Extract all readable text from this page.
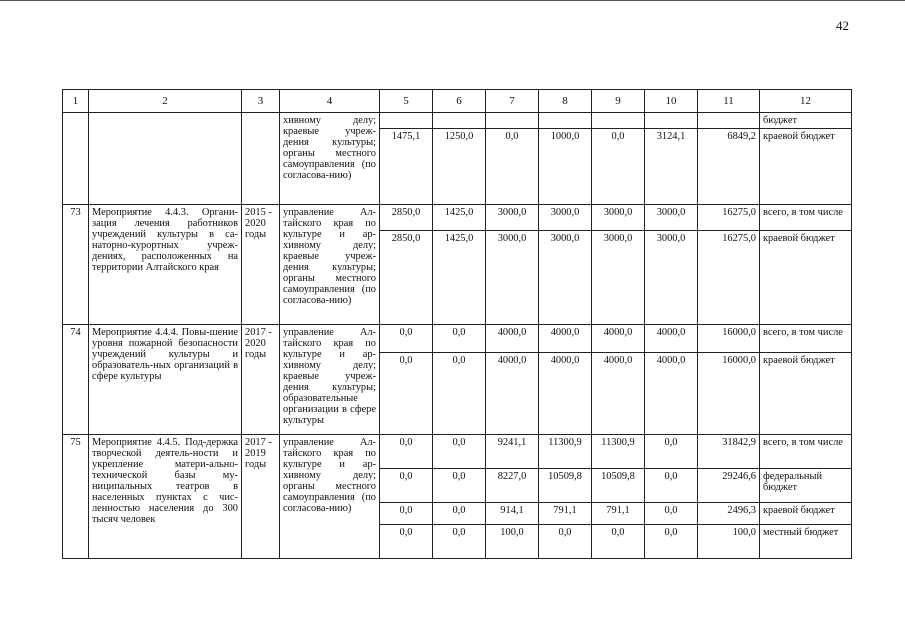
42
1	2	3	4	5	6	7	8	9	10	11	12
			хивному делу; краевые учреж-дения культуры; органы местного самоуправления (по согласова-нию)								бюджет
				1475,1	1250,0	0,0	1000,0	0,0	3124,1	6849,2	краевой бюджет
73	Мероприятие 4.4.3. Органи-зация лечения работников учреждений культуры в са-наторно-курортных учреж-дениях, расположенных на территории Алтайского края	2015 - 2020 годы	управление Ал-тайского края по культуре и ар-хивному делу; краевые учреж-дения культуры; органы местного самоуправления (по согласова-нию)	2850,0	1425,0	3000,0	3000,0	3000,0	3000,0	16275,0	всего, в том числе
				2850,0	1425,0	3000,0	3000,0	3000,0	3000,0	16275,0	краевой бюджет
74	Мероприятие 4.4.4. Повы-шение уровня пожарной безопасности учреждений культуры и образователь-ных организаций в сфере культуры	2017 - 2020 годы	управление Ал-тайского края по культуре и ар-хивному делу; краевые учреж-дения культуры; образовательные организации в сфере культуры	0,0	0,0	4000,0	4000,0	4000,0	4000,0	16000,0	всего, в том числе
				0,0	0,0	4000,0	4000,0	4000,0	4000,0	16000,0	краевой бюджет
75	Мероприятие 4.4.5. Под-держка творческой деятель-ности и укрепление матери-ально-технической базы му-ниципальных театров в населенных пунктах с чис-ленностью населения до 300 тысяч человек	2017 - 2019 годы	управление Ал-тайского края по культуре и ар-хивному делу; органы местного самоуправления (по согласова-нию)	0,0	0,0	9241,1	11300,9	11300,9	0,0	31842,9	всего, в том числе
				0,0	0,0	8227,0	10509,8	10509,8	0,0	29246,6	федеральный бюджет
				0,0	0,0	914,1	791,1	791,1	0,0	2496,3	краевой бюджет
				0,0	0,0	100,0	0,0	0,0	0,0	100,0	местный бюджет
